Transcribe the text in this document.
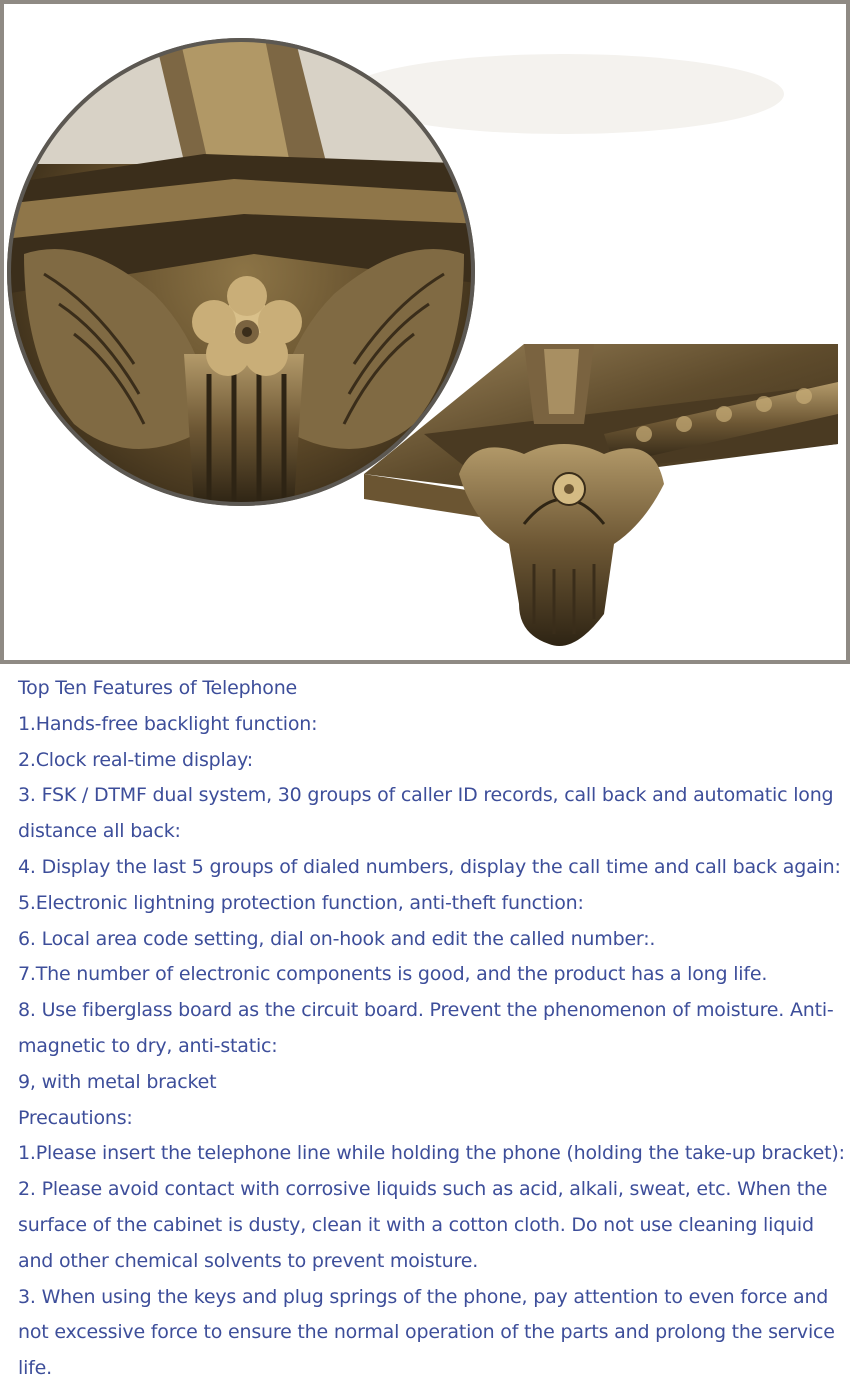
Top Ten Features of Telephone

1.Hands-free backlight function:

2.Clock real-time display:

3. FSK / DTMF dual system, 30 groups of caller ID records, call back and automatic long distance all back:

4. Display the last 5 groups of dialed numbers, display the call time and call back again:

5.Electronic lightning protection function, anti-theft function:

6. Local area code setting, dial on-hook and edit the called number:.

7.The number of electronic components is good, and the product has a long life.

8. Use fiberglass board as the circuit board. Prevent the phenomenon of moisture. Anti-magnetic to dry, anti-static:

9, with metal bracket

Precautions:

1.Please insert the telephone line while holding the phone (holding the take-up bracket):

2. Please avoid contact with corrosive liquids such as acid, alkali, sweat, etc. When the surface of the cabinet is dusty, clean it with a cotton cloth. Do not use cleaning liquid and other chemical solvents to prevent moisture.

3. When using the keys and plug springs of the phone, pay attention to even force and not excessive force to ensure the normal operation of the parts and prolong the service life.
